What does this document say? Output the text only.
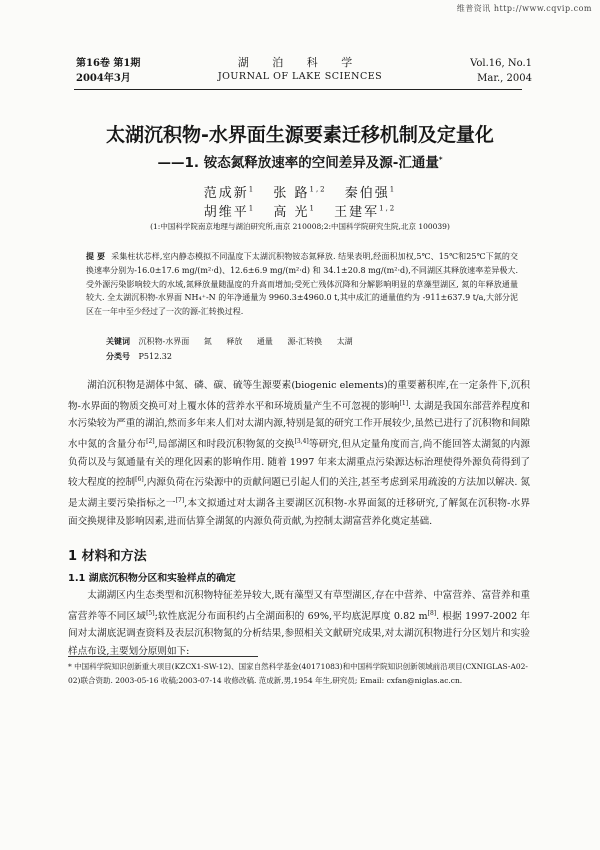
维普资讯 http://www.cqvip.com
第16卷 第1期
2004年3月
湖 泊 科 学
JOURNAL OF LAKE SCIENCES
Vol.16, No.1
Mar., 2004
太湖沉积物-水界面生源要素迁移机制及定量化
——1. 铵态氮释放速率的空间差异及源-汇通量*
范成新$^1$ 张 路$^{1,2}$ 秦伯强$^1$
胡维平$^1$ 高 光$^1$ 王建军$^{1,2}$
(1:中国科学院南京地理与湖泊研究所,南京 210008;2:中国科学院研究生院,北京 100039)
提 要 采集柱状芯样,室内静态模拟不同温度下太湖沉积物铵态氮释放. 结果表明,经面积加权,5℃、15℃和25℃下氮的交换速率分别为-16.0±17.6 mg/(m²·d)、12.6±6.9 mg/(m²·d) 和 34.1±20.8 mg/(m²·d),不同湖区其释放速率差异极大. 受外源污染影响较大的水域,氮释放量随温度的升高而增加;受死亡残体沉降和分解影响明显的草藻型湖区, 氮的年释放通量较大. 全太湖沉积物-水界面 NH₄⁺-N 的年净通量为 9960.3±4960.0 t,其中成汇的通量值约为 -911±637.9 t/a,大部分泥区在一年中至少经过了一次的源-汇转换过程.
关键词 沉积物-水界面 氮 释放 通量 源-汇转换 太湖
分类号 P512.32
湖泊沉积物是湖体中氮、磷、碳、硫等生源要素(biogenic elements)的重要蓄积库,在一定条件下,沉积物-水界面的物质交换可对上覆水体的营养水平和环境质量产生不可忽视的影响[1]. 太湖是我国东部营养程度和水污染较为严重的湖泊,然而多年来人们对太湖内源,特别是氮的研究工作开展较少,虽然已进行了沉积物和间隙水中氮的含量分布[2],局部湖区和时段沉积物氮的交换[3,4]等研究,但从定量角度而言,尚不能回答太湖氮的内源负荷以及与氮通量有关的理化因素的影响作用. 随着 1997 年来太湖重点污染源达标治理使得外源负荷得到了较大程度的控制[6],内源负荷在污染源中的贡献问题已引起人们的关注,甚至考虑到采用疏浚的方法加以解决. 氮是太湖主要污染指标之一[7],本文拟通过对太湖各主要湖区沉积物-水界面氮的迁移研究,了解氮在沉积物-水界面交换规律及影响因素,进而估算全湖氮的内源负荷贡献,为控制太湖富营养化奠定基础.
1 材料和方法
1.1 湖底沉积物分区和实验样点的确定
太湖湖区内生态类型和沉积物特征差异较大,既有藻型又有草型湖区,存在中营养、中富营养、富营养和重富营养等不同区域[5];软性底泥分布面积约占全湖面积的 69%,平均底泥厚度 0.82 m[8]. 根据 1997-2002 年间对太湖底泥调查资料及表层沉积物氮的分析结果,参照相关文献研究成果,对太湖沉积物进行分区划片和实验样点布设,主要划分原则如下:
* 中国科学院知识创新重大项目(KZCX1-SW-12)、国家自然科学基金(40171083)和中国科学院知识创新领域前沿项目(CXNIGLAS-A02-02)联合资助. 2003-05-16 收稿;2003-07-14 收修改稿. 范成新,男,1954 年生,研究员; Email: cxfan@niglas.ac.cn.
